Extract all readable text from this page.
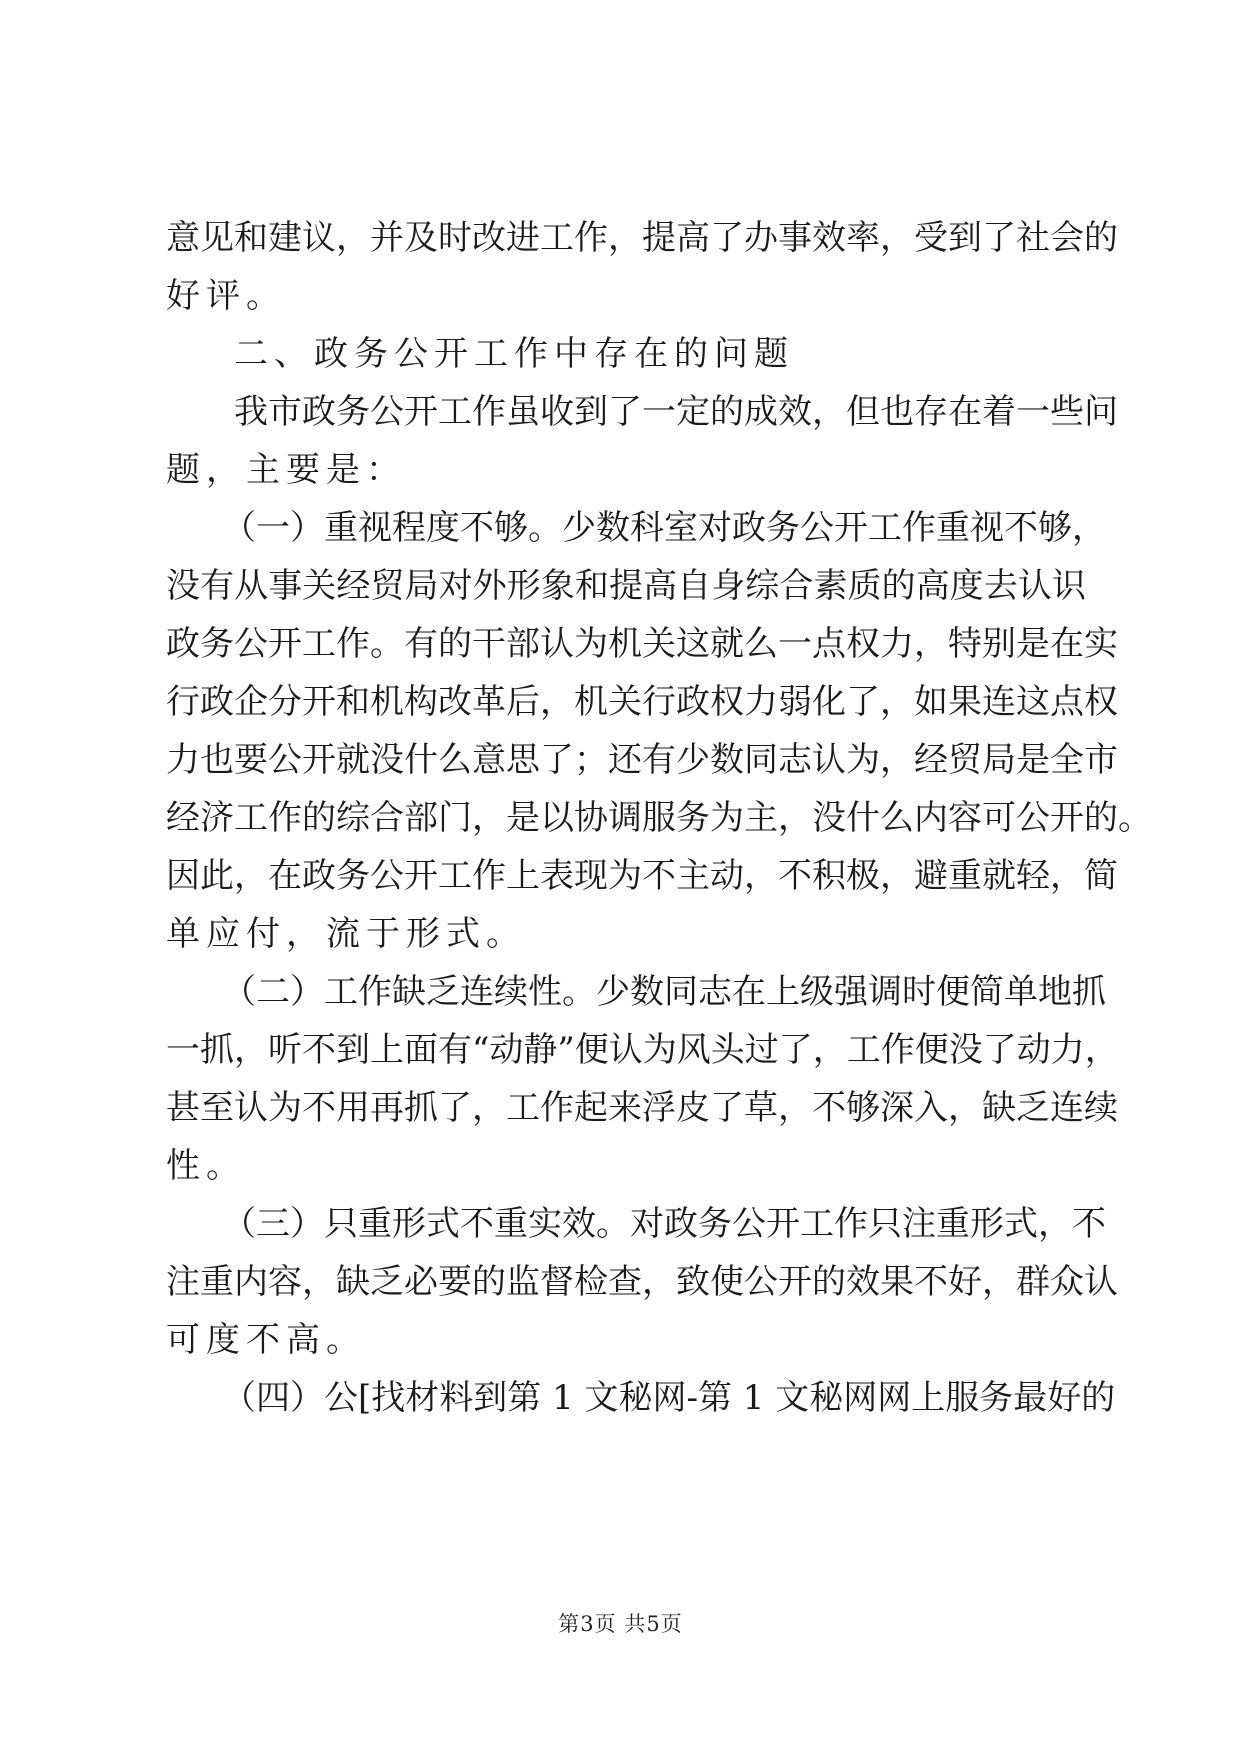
意见和建议，并及时改进工作，提高了办事效率，受到了社会的
好评。
二、政务公开工作中存在的问题
我市政务公开工作虽收到了一定的成效，但也存在着一些问
题，主要是：
（一）重视程度不够。少数科室对政务公开工作重视不够，
没有从事关经贸局对外形象和提高自身综合素质的高度去认识
政务公开工作。有的干部认为机关这就么一点权力，特别是在实
行政企分开和机构改革后，机关行政权力弱化了，如果连这点权
力也要公开就没什么意思了；还有少数同志认为，经贸局是全市
经济工作的综合部门，是以协调服务为主，没什么内容可公开的。
因此，在政务公开工作上表现为不主动，不积极，避重就轻，简
单应付，流于形式。
（二）工作缺乏连续性。少数同志在上级强调时便简单地抓
一抓，听不到上面有“动静”便认为风头过了，工作便没了动力，
甚至认为不用再抓了，工作起来浮皮了草，不够深入，缺乏连续
性。
（三）只重形式不重实效。对政务公开工作只注重形式，不
注重内容，缺乏必要的监督检查，致使公开的效果不好，群众认
可度不高。
（四）公[找材料到第 1 文秘网-第 1 文秘网网上服务最好的
第3页 共5页
